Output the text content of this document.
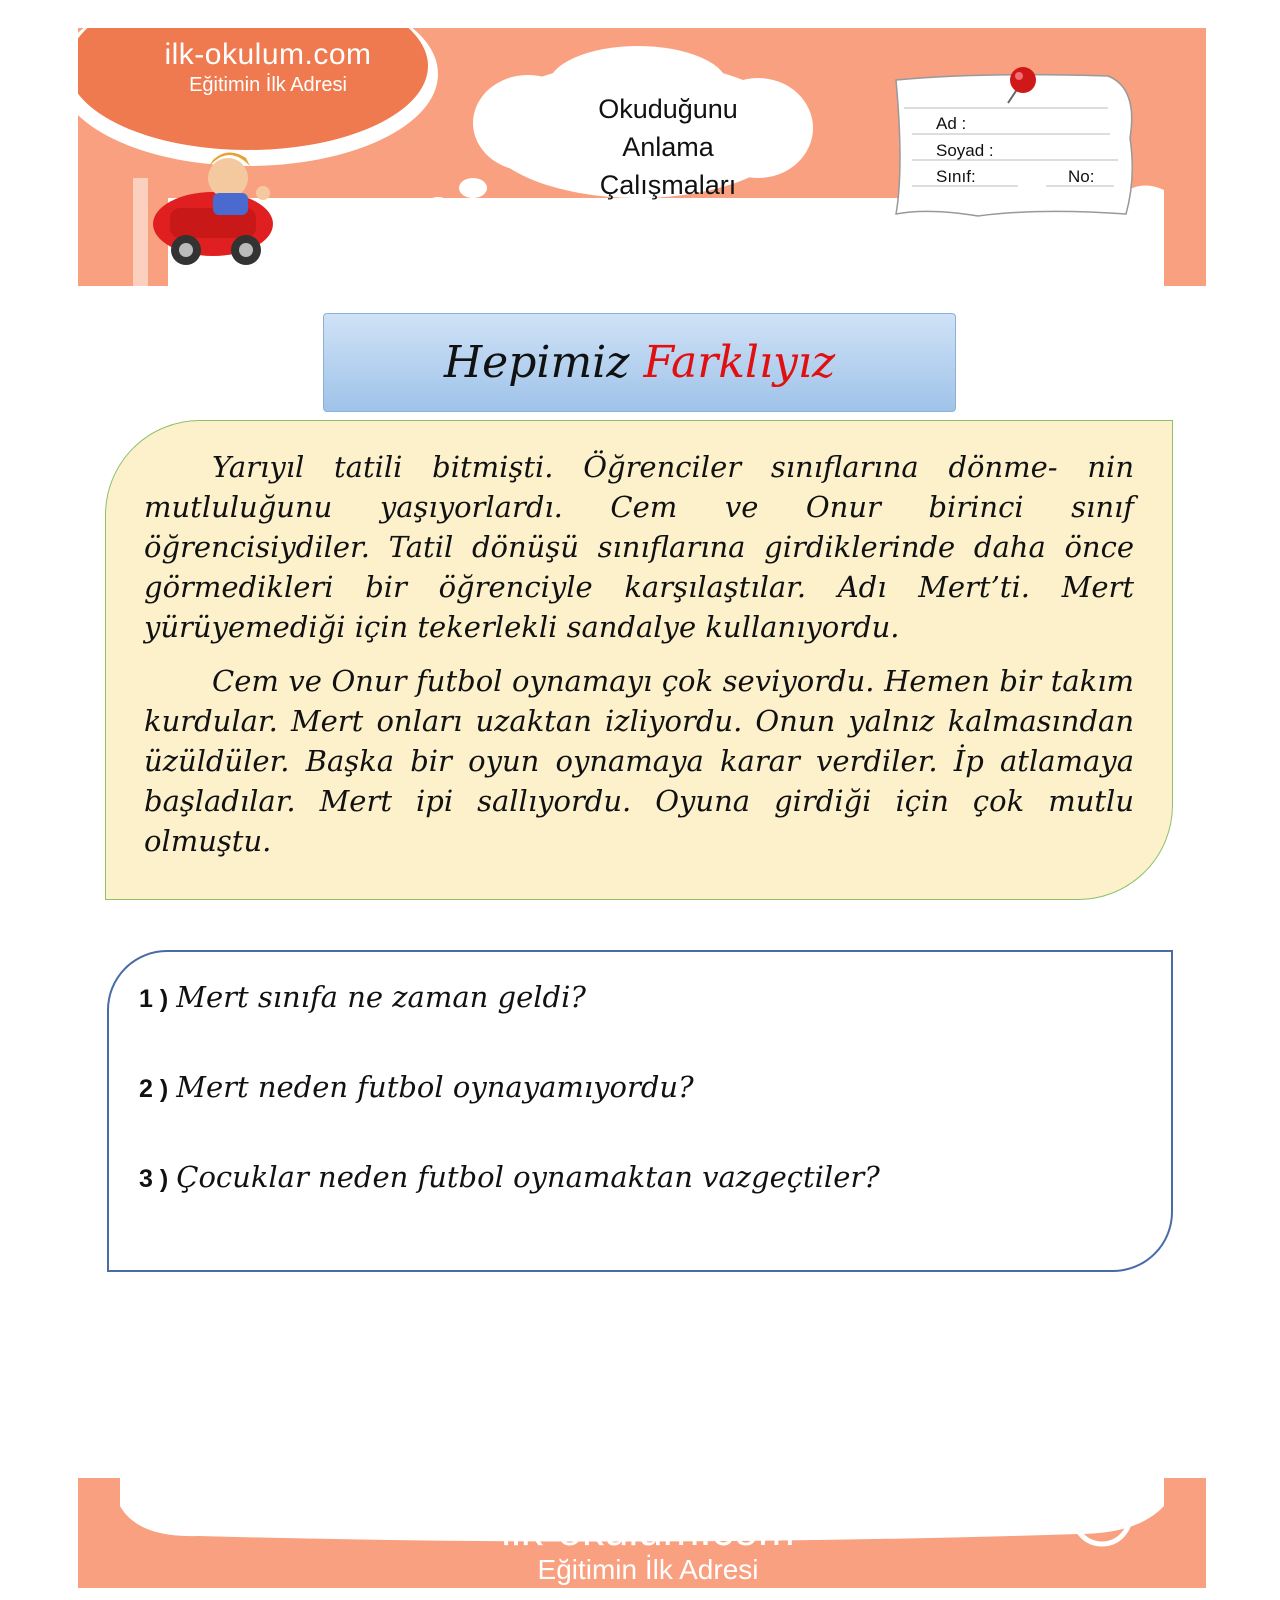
ilk-okulum.com
Eğitimin İlk Adresi
Okuduğunu Anlama
Çalışmaları
Ad :
Soyad :
Sınıf:	No:
Hepimiz Farklıyız

Yarıyıl tatili bitmişti. Öğrenciler sınıflarına dönme- nin mutluluğunu yaşıyorlardı. Cem ve Onur birinci sınıf öğrencisiydiler. Tatil dönüşü sınıflarına girdiklerinde daha önce görmedikleri bir öğrenciyle karşılaştılar. Adı Mert’ti. Mert yürüyemediği için tekerlekli sandalye kullanıyordu.

Cem ve Onur futbol oynamayı çok seviyordu. Hemen bir takım kurdular. Mert onları uzaktan izliyordu. Onun yalnız kalmasından üzüldüler. Başka bir oyun oynamaya karar verdiler. İp atlamaya başladılar. Mert ipi sallıyordu. Oyuna girdiği için çok mutlu olmuştu.

1 ) Mert sınıfa ne zaman geldi?
2 ) Mert neden futbol oynayamıyordu?
3 ) Çocuklar neden futbol oynamaktan vazgeçtiler?
ilk-okulum.com
Eğitimin İlk Adresi
